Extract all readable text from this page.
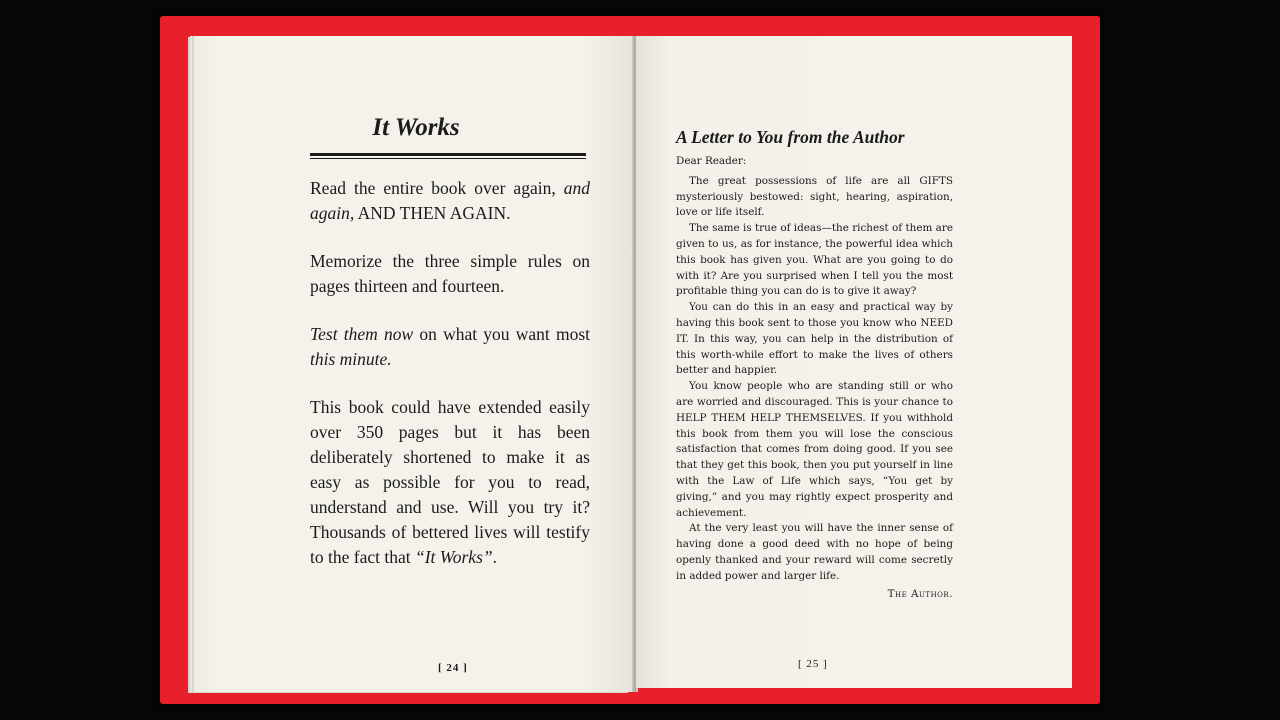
It Works

Read the entire book over again, and again, AND THEN AGAIN.

Memorize the three simple rules on pages thirteen and fourteen.

Test them now on what you want most this minute.

This book could have extended easily over 350 pages but it has been deliberately shortened to make it as easy as possible for you to read, understand and use. Will you try it? Thousands of bettered lives will testify to the fact that “It Works”.

[ 24 ]
A Letter to You from the Author
Dear Reader:

The great possessions of life are all GIFTS mysteriously bestowed: sight, hearing, aspiration, love or life itself.

The same is true of ideas—the richest of them are given to us, as for instance, the powerful idea which this book has given you. What are you going to do with it? Are you surprised when I tell you the most profitable thing you can do is to give it away?

You can do this in an easy and practical way by having this book sent to those you know who NEED IT. In this way, you can help in the distribution of this worth-while effort to make the lives of others better and happier.

You know people who are standing still or who are worried and discouraged. This is your chance to HELP THEM HELP THEMSELVES. If you withhold this book from them you will lose the conscious satisfaction that comes from doing good. If you see that they get this book, then you put yourself in line with the Law of Life which says, “You get by giving,” and you may rightly expect prosperity and achievement.

At the very least you will have the inner sense of having done a good deed with no hope of being openly thanked and your reward will come secretly in added power and larger life.

The Author.
[ 25 ]
